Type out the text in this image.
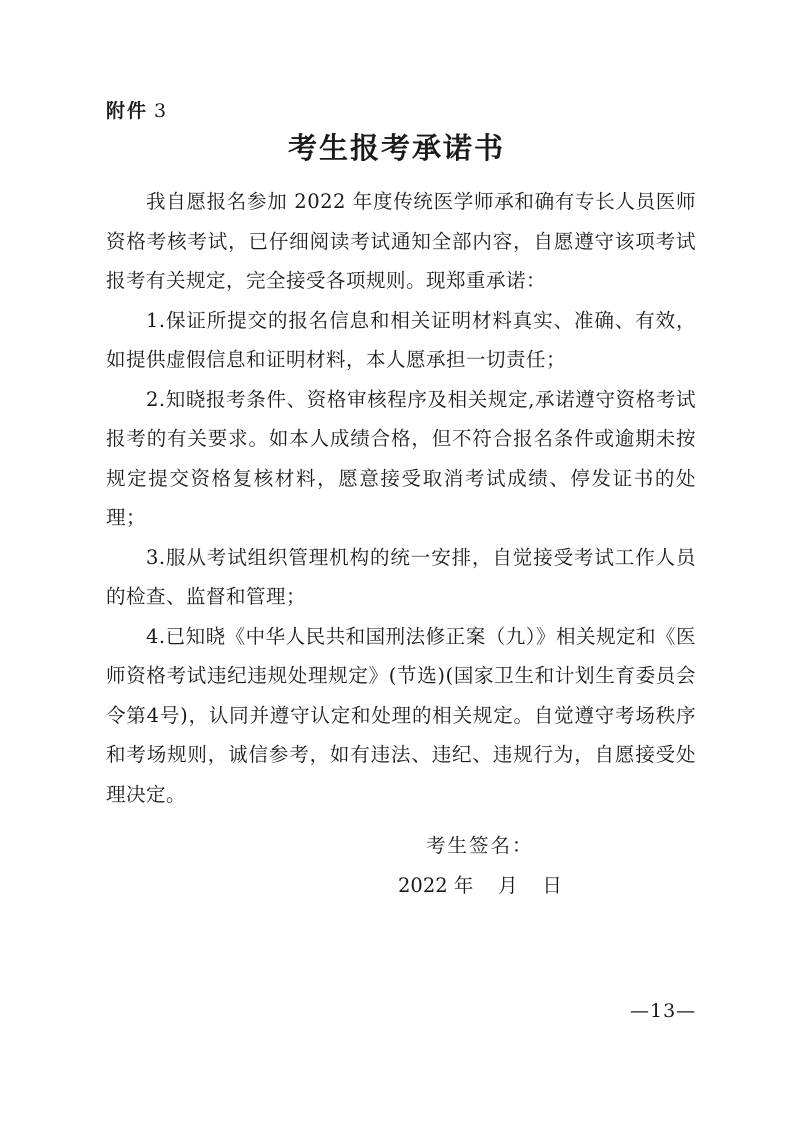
附件 3
考生报考承诺书

我自愿报名参加 2022 年度传统医学师承和确有专长人员医师资格考核考试，已仔细阅读考试通知全部内容，自愿遵守该项考试报考有关规定，完全接受各项规则。现郑重承诺：

1.保证所提交的报名信息和相关证明材料真实、准确、有效，如提供虚假信息和证明材料，本人愿承担一切责任；

2.知晓报考条件、资格审核程序及相关规定,承诺遵守资格考试报考的有关要求。如本人成绩合格，但不符合报名条件或逾期未按规定提交资格复核材料，愿意接受取消考试成绩、停发证书的处理；

3.服从考试组织管理机构的统一安排，自觉接受考试工作人员的检查、监督和管理；

4.已知晓《中华人民共和国刑法修正案（九）》相关规定和《医师资格考试违纪违规处理规定》(节选)(国家卫生和计划生育委员会令第4号)，认同并遵守认定和处理的相关规定。自觉遵守考场秩序和考场规则，诚信参考，如有违法、违纪、违规行为，自愿接受处理决定。

考生签名：
2022 年    月    日
—13—
